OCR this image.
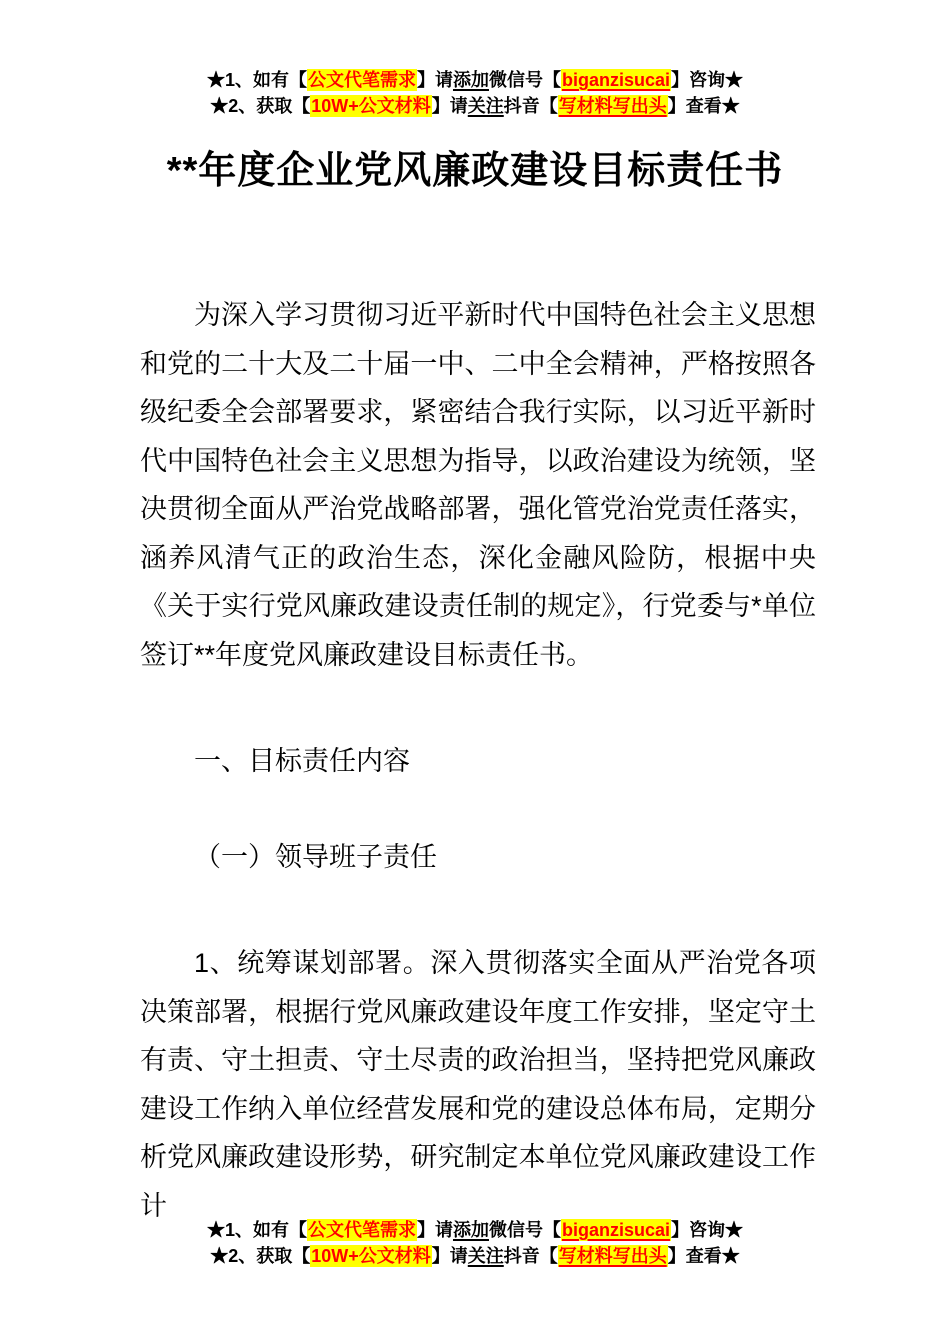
★1、如有【公文代笔需求】请添加微信号【biganzisucai】咨询★
★2、获取【10W+公文材料】请关注抖音【写材料写出头】查看★
**年度企业党风廉政建设目标责任书
为深入学习贯彻习近平新时代中国特色社会主义思想和党的二十大及二十届一中、二中全会精神，严格按照各级纪委全会部署要求，紧密结合我行实际，以习近平新时代中国特色社会主义思想为指导，以政治建设为统领，坚决贯彻全面从严治党战略部署，强化管党治党责任落实，涵养风清气正的政治生态，深化金融风险防，根据中央《关于实行党风廉政建设责任制的规定》，行党委与*单位签订**年度党风廉政建设目标责任书。
一、目标责任内容
（一）领导班子责任
1、统筹谋划部署。深入贯彻落实全面从严治党各项决策部署，根据行党风廉政建设年度工作安排，坚定守土有责、守土担责、守土尽责的政治担当，坚持把党风廉政建设工作纳入单位经营发展和党的建设总体布局，定期分析党风廉政建设形势，研究制定本单位党风廉政建设工作计
★1、如有【公文代笔需求】请添加微信号【biganzisucai】咨询★
★2、获取【10W+公文材料】请关注抖音【写材料写出头】查看★
